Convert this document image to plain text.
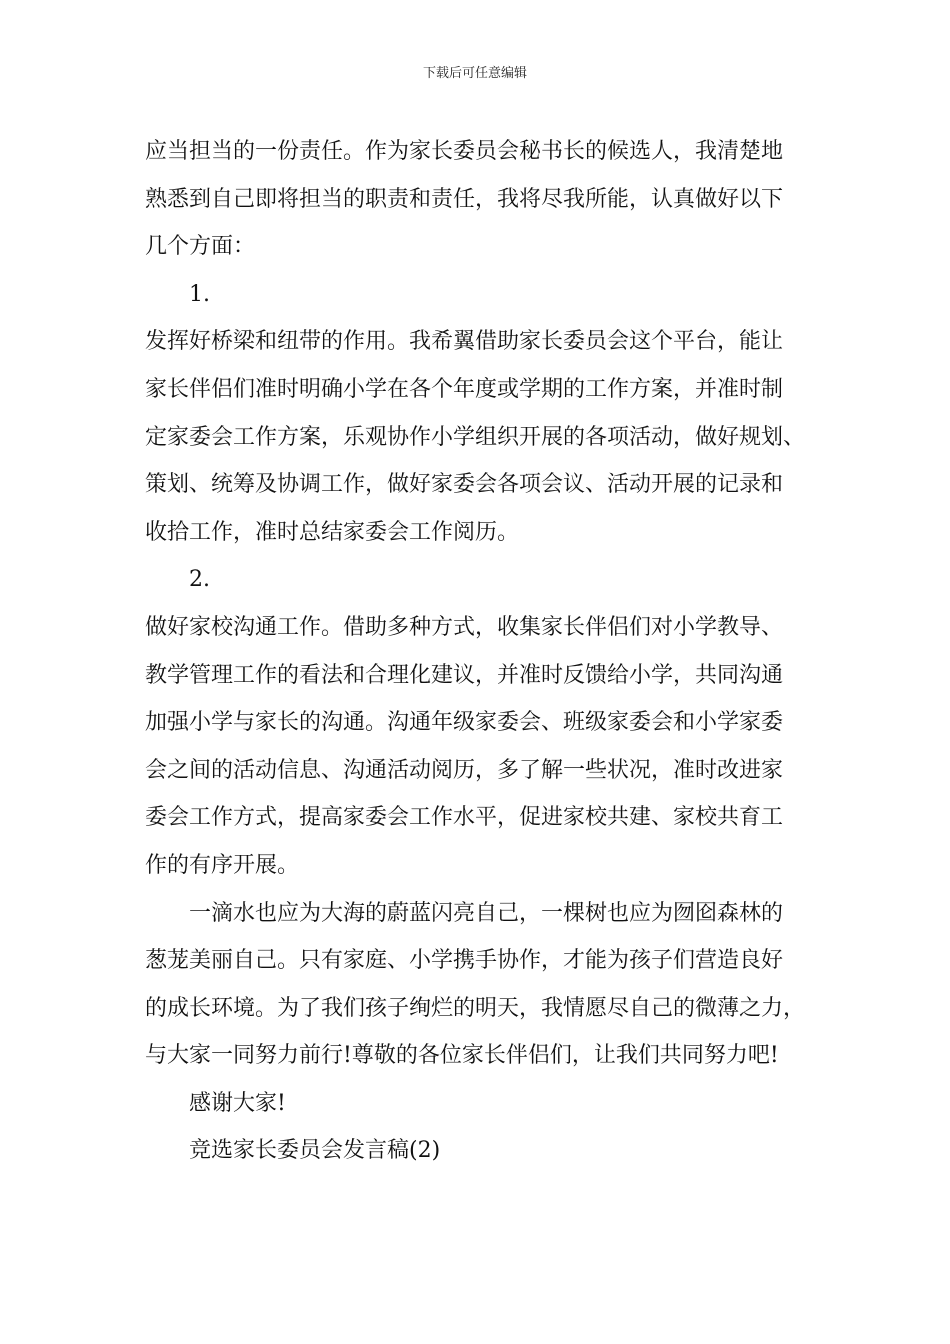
下载后可任意编辑

应当担当的一份责任。作为家长委员会秘书长的候选人，我清楚地

熟悉到自己即将担当的职责和责任，我将尽我所能，认真做好以下

几个方面：

1.

发挥好桥梁和纽带的作用。我希翼借助家长委员会这个平台，能让

家长伴侣们准时明确小学在各个年度或学期的工作方案，并准时制

定家委会工作方案，乐观协作小学组织开展的各项活动，做好规划、

策划、统筹及协调工作，做好家委会各项会议、活动开展的记录和

收拾工作，准时总结家委会工作阅历。

2.

做好家校沟通工作。借助多种方式，收集家长伴侣们对小学教导、

教学管理工作的看法和合理化建议，并准时反馈给小学，共同沟通

加强小学与家长的沟通。沟通年级家委会、班级家委会和小学家委

会之间的活动信息、沟通活动阅历，多了解一些状况，准时改进家

委会工作方式，提高家委会工作水平，促进家校共建、家校共育工

作的有序开展。

一滴水也应为大海的蔚蓝闪亮自己，一棵树也应为囫囵森林的

葱茏美丽自己。只有家庭、小学携手协作，才能为孩子们营造良好

的成长环境。为了我们孩子绚烂的明天，我情愿尽自己的微薄之力，

与大家一同努力前行!尊敬的各位家长伴侣们，让我们共同努力吧!

感谢大家!

竞选家长委员会发言稿(2)
